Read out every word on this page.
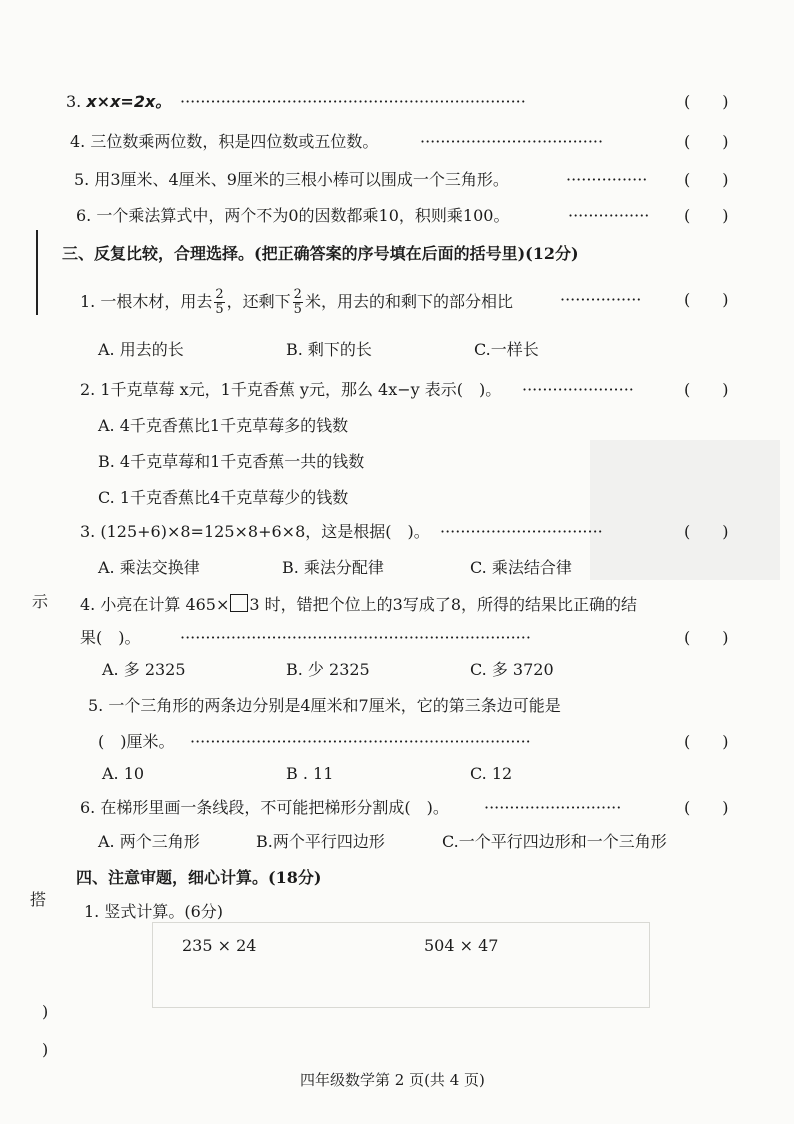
3. x×x=2x。 ····································································	(　　)
4. 三位数乘两位数，积是四位数或五位数。	····································	(　　)
5. 用3厘米、4厘米、9厘米的三根小棒可以围成一个三角形。	················	(　　)
6. 一个乘法算式中，两个不为0的因数都乘10，积则乘100。	················	(　　)
三、反复比较，合理选择。(把正确答案的序号填在后面的括号里)(12分)
1. 一根木材，用去 $\frac{2}{5}$ ，还剩下 $\frac{2}{5}$ 米，用去的和剩下的部分相比	················	(　　)
A. 用去的长	B. 剩下的长	C.一样长
2. 1千克草莓 x元，1千克香蕉 y元，那么 4x−y 表示(　)。 ······················	(　　)
A. 4千克香蕉比1千克草莓多的钱数
B. 4千克草莓和1千克香蕉一共的钱数
C. 1千克香蕉比4千克草莓少的钱数
3. (125+6)×8=125×8+6×8，这是根据(　)。 ································	(　　)
A. 乘法交换律	B. 乘法分配律	C. 乘法结合律
示 4. 小亮在计算 465× 3 时，错把个位上的3写成了8，所得的结果比正确的结
果(　)。 ·····································································	(　　)
A. 多 2325	B. 少 2325	C. 多 3720
5. 一个三角形的两条边分别是4厘米和7厘米，它的第三条边可能是
(　)厘米。 ···································································	(　　)
A. 10	B . 11	C. 12
6. 在梯形里画一条线段，不可能把梯形分割成(　)。 ···························	(　　)
A. 两个三角形	B.两个平行四边形	C.一个平行四边形和一个三角形
四、注意审题，细心计算。(18分)
搭
1. 竖式计算。(6分)
235 × 24	504 × 47
)
)
四年级数学第 2 页(共 4 页)
